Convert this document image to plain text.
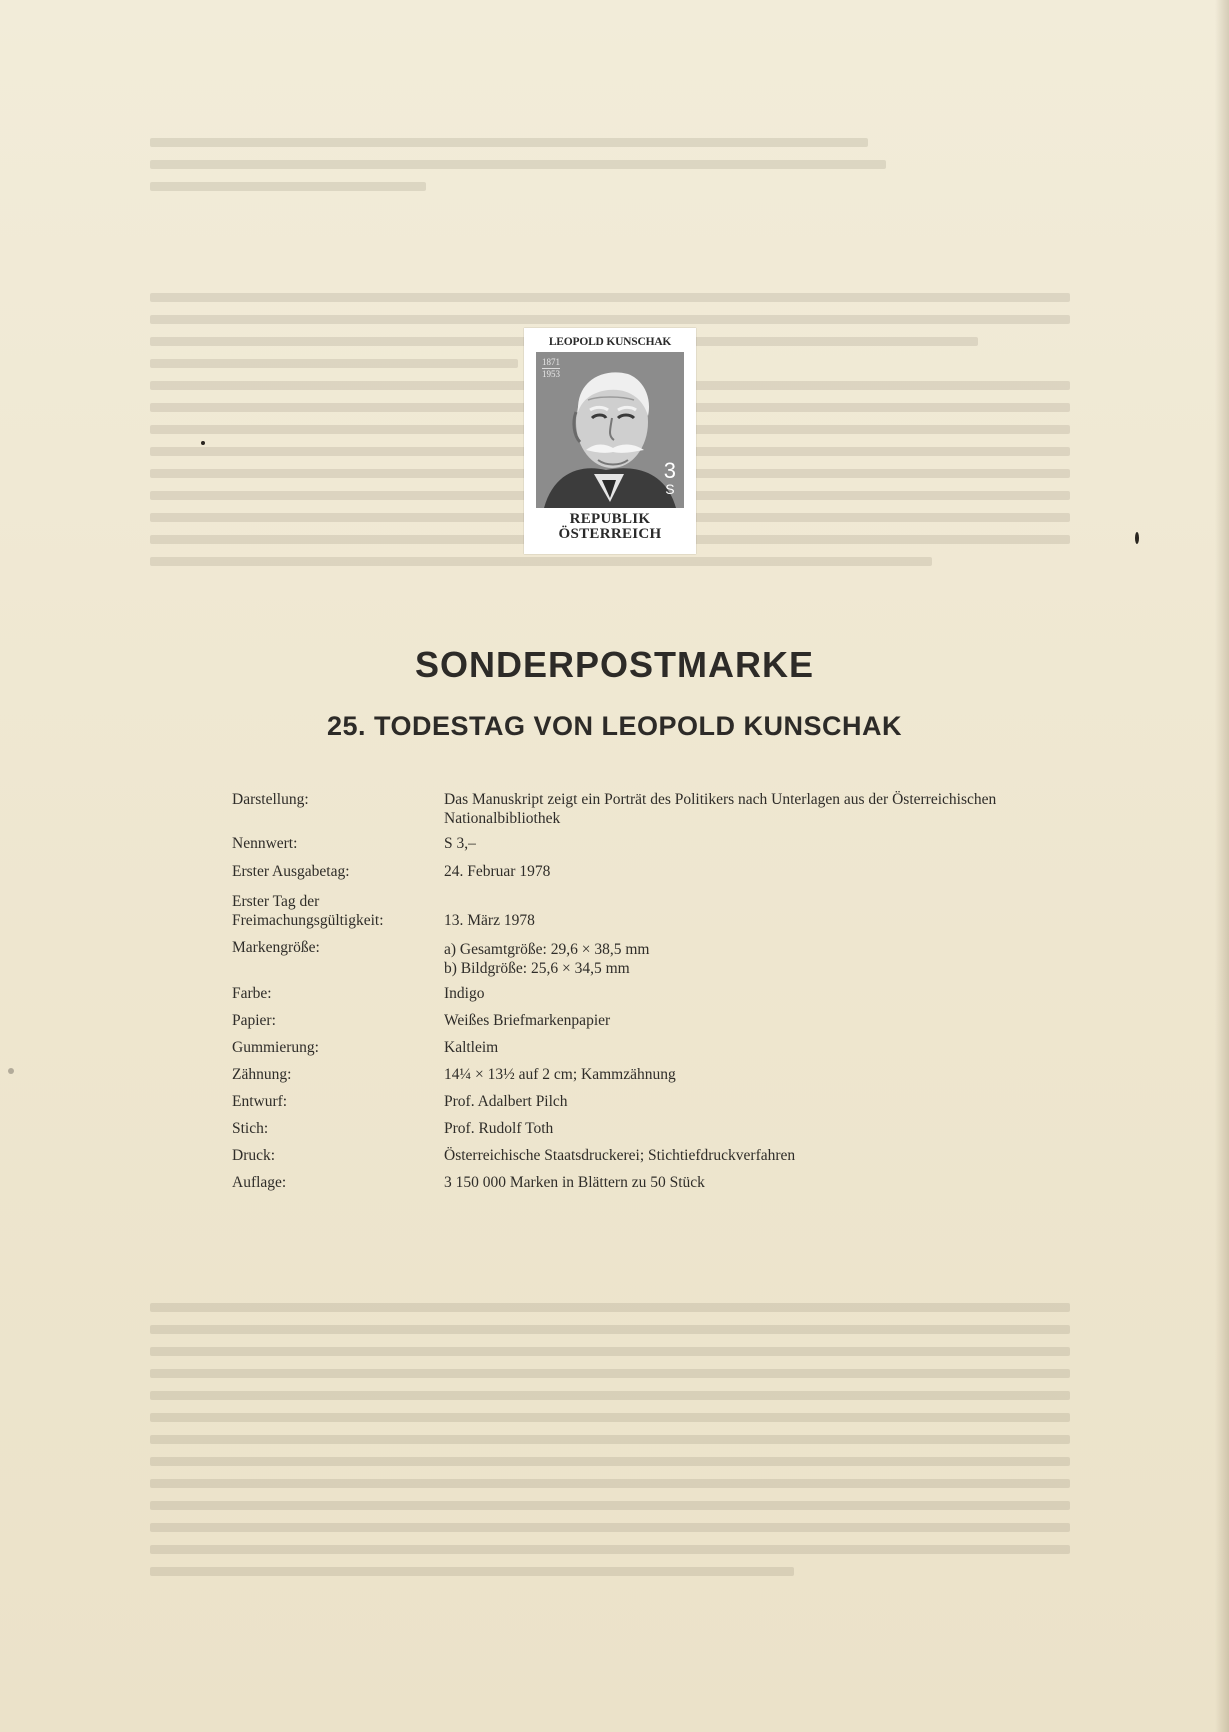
LEOPOLD KUNSCHAK
1871
1953
3
S
REPUBLIK
ÖSTERREICH
SONDERPOSTMARKE
25. TODESTAG VON LEOPOLD KUNSCHAK
Darstellung:	Das Manuskript zeigt ein Porträt des Politikers nach Unterlagen aus der Österreichischen Nationalbibliothek
Nennwert:	S 3,–
Erster Ausgabetag:	24. Februar 1978
Erster Tag der Freimachungsgültigkeit:	13. März 1978
Markengröße:	a) Gesamtgröße: 29,6 × 38,5 mm
b) Bildgröße: 25,6 × 34,5 mm
Farbe:	Indigo
Papier:	Weißes Briefmarkenpapier
Gummierung:	Kaltleim
Zähnung:	14¼ × 13½ auf 2 cm; Kammzähnung
Entwurf:	Prof. Adalbert Pilch
Stich:	Prof. Rudolf Toth
Druck:	Österreichische Staatsdruckerei; Stichtiefdruckverfahren
Auflage:	3 150 000 Marken in Blättern zu 50 Stück
